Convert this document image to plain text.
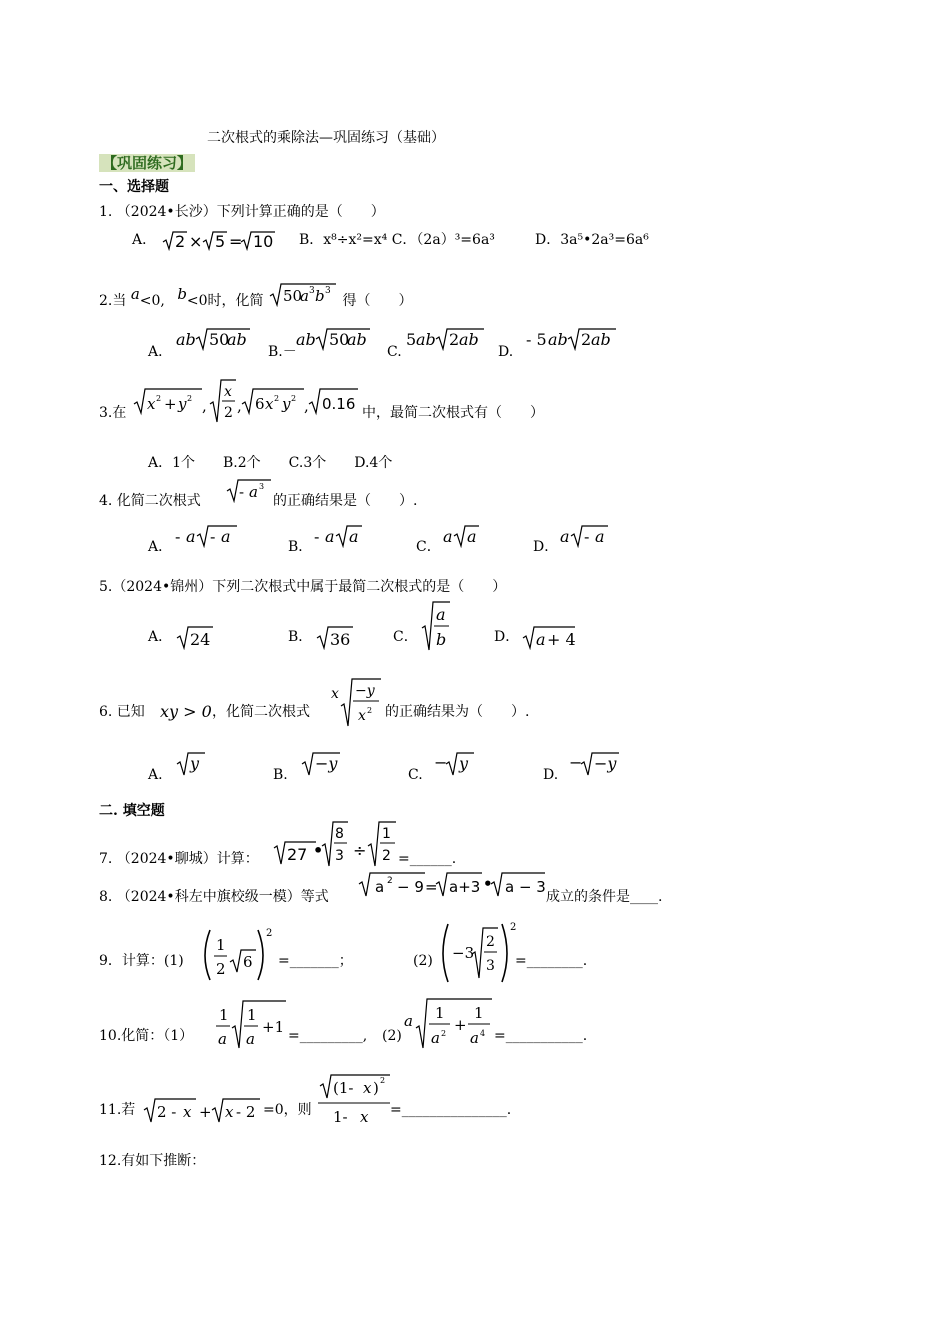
二次根式的乘除法—巩固练习（基础）
【巩固练习】
一、选择题
1. （2024•长沙）下列计算正确的是（　　）
A． 2 × 5 = 10 B．x⁸÷x²=x⁴ C．（2a）³=6a³	D．3a⁵•2a³=6a⁶
2.当 a<0, b<0时，化简 50
a 3 b 3
得（　　）
A．
ab 50
ab
B.－
ab 50
ab
C.
5 ab 2 ab
D.
- 5 ab 2 ab
3.在 x 2 + y 2 ,
x
2 , 6 x 2 y 2 , 0.16 中，最简二次根式有（　　）
A．1个　　B.2个　　C.3个　　D.4个
4. 化简二次根式	- a 3
的正确结果是（　　）.
A．
- a - a
B．
- a a
C．
a a
D．
a - a
5.（2024•锦州）下列二次根式中属于最简二次根式的是（　　）
A． 24	B． 36	C．
a
b	D． a + 4
6. 已知 xy > 0 ，化简二次根式
x −y
x 2 的正确结果为（　　）.
A.
y
B.
−y
C.
− y
D.
− −y
二. 填空题
7. （2024•聊城）计算： 27 •
8
3 ÷
1
2 =______.
8. （2024•科左中旗校级一模）等式
a 2 − 9 = a+3 • a − 3
成立的条件是____.
9．计算：(1)
1
2 6
2
=_______；	(2) −3
2
3
2
=________.
10.化简：（1）
1
a
1
a
+1 =_________, (2)
a 1
a 2 +
1
a 4 =___________.
11.若 2 - x + x - 2 =0，则
(1- x ) 2
1- x =_______________.
12.有如下推断：
